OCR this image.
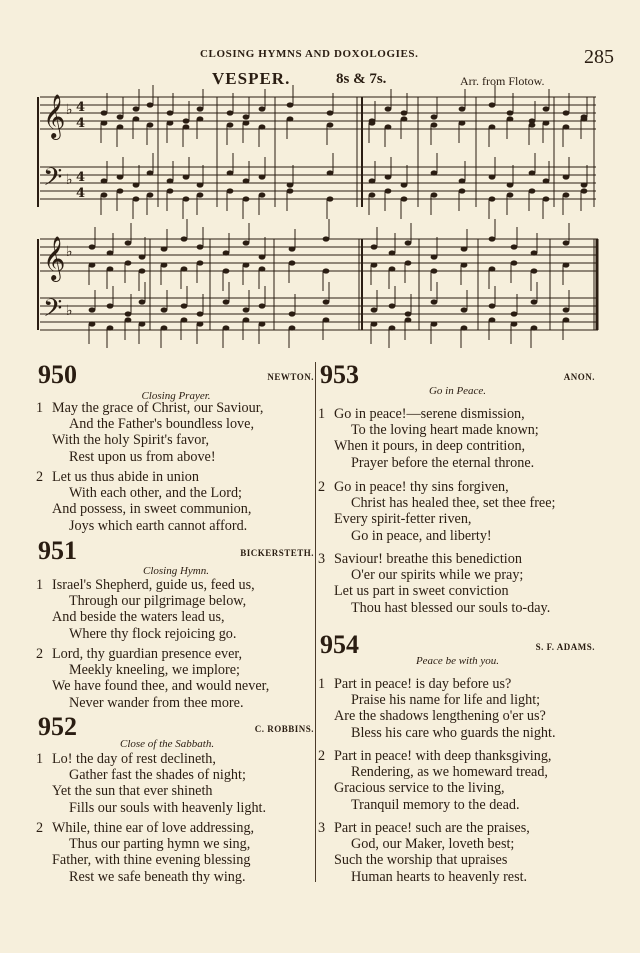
CLOSING HYMNS AND DOXOLOGIES.	285
VESPER.	8s & 7s.	Arr. from Flotow.
𝄞
𝄢
𝄞
𝄢
♭ 4
4
♭ 4
4
♭
♭
950	NEWTON.
Closing Prayer.
1 May the grace of Christ, our Saviour,
And the Father's boundless love,
With the holy Spirit's favor,
Rest upon us from above!
2 Let us thus abide in union
With each other, and the Lord;
And possess, in sweet communion,
Joys which earth cannot afford.
951	BICKERSTETH.
Closing Hymn.
1 Israel's Shepherd, guide us, feed us,
Through our pilgrimage below,
And beside the waters lead us,
Where thy flock rejoicing go.
2 Lord, thy guardian presence ever,
Meekly kneeling, we implore;
We have found thee, and would never,
Never wander from thee more.
952	C. ROBBINS.
Close of the Sabbath.
1 Lo! the day of rest declineth,
Gather fast the shades of night;
Yet the sun that ever shineth
Fills our souls with heavenly light.
2 While, thine ear of love addressing,
Thus our parting hymn we sing,
Father, with thine evening blessing
Rest we safe beneath thy wing.
953	ANON.
Go in Peace.
1 Go in peace!—serene dismission,
To the loving heart made known;
When it pours, in deep contrition,
Prayer before the eternal throne.
2 Go in peace! thy sins forgiven,
Christ has healed thee, set thee free;
Every spirit-fetter riven,
Go in peace, and liberty!
3 Saviour! breathe this benediction
O'er our spirits while we pray;
Let us part in sweet conviction
Thou hast blessed our souls to-day.
954	S. F. ADAMS.
Peace be with you.
1 Part in peace! is day before us?
Praise his name for life and light;
Are the shadows lengthening o'er us?
Bless his care who guards the night.
2 Part in peace! with deep thanksgiving,
Rendering, as we homeward tread,
Gracious service to the living,
Tranquil memory to the dead.
3 Part in peace! such are the praises,
God, our Maker, loveth best;
Such the worship that upraises
Human hearts to heavenly rest.
